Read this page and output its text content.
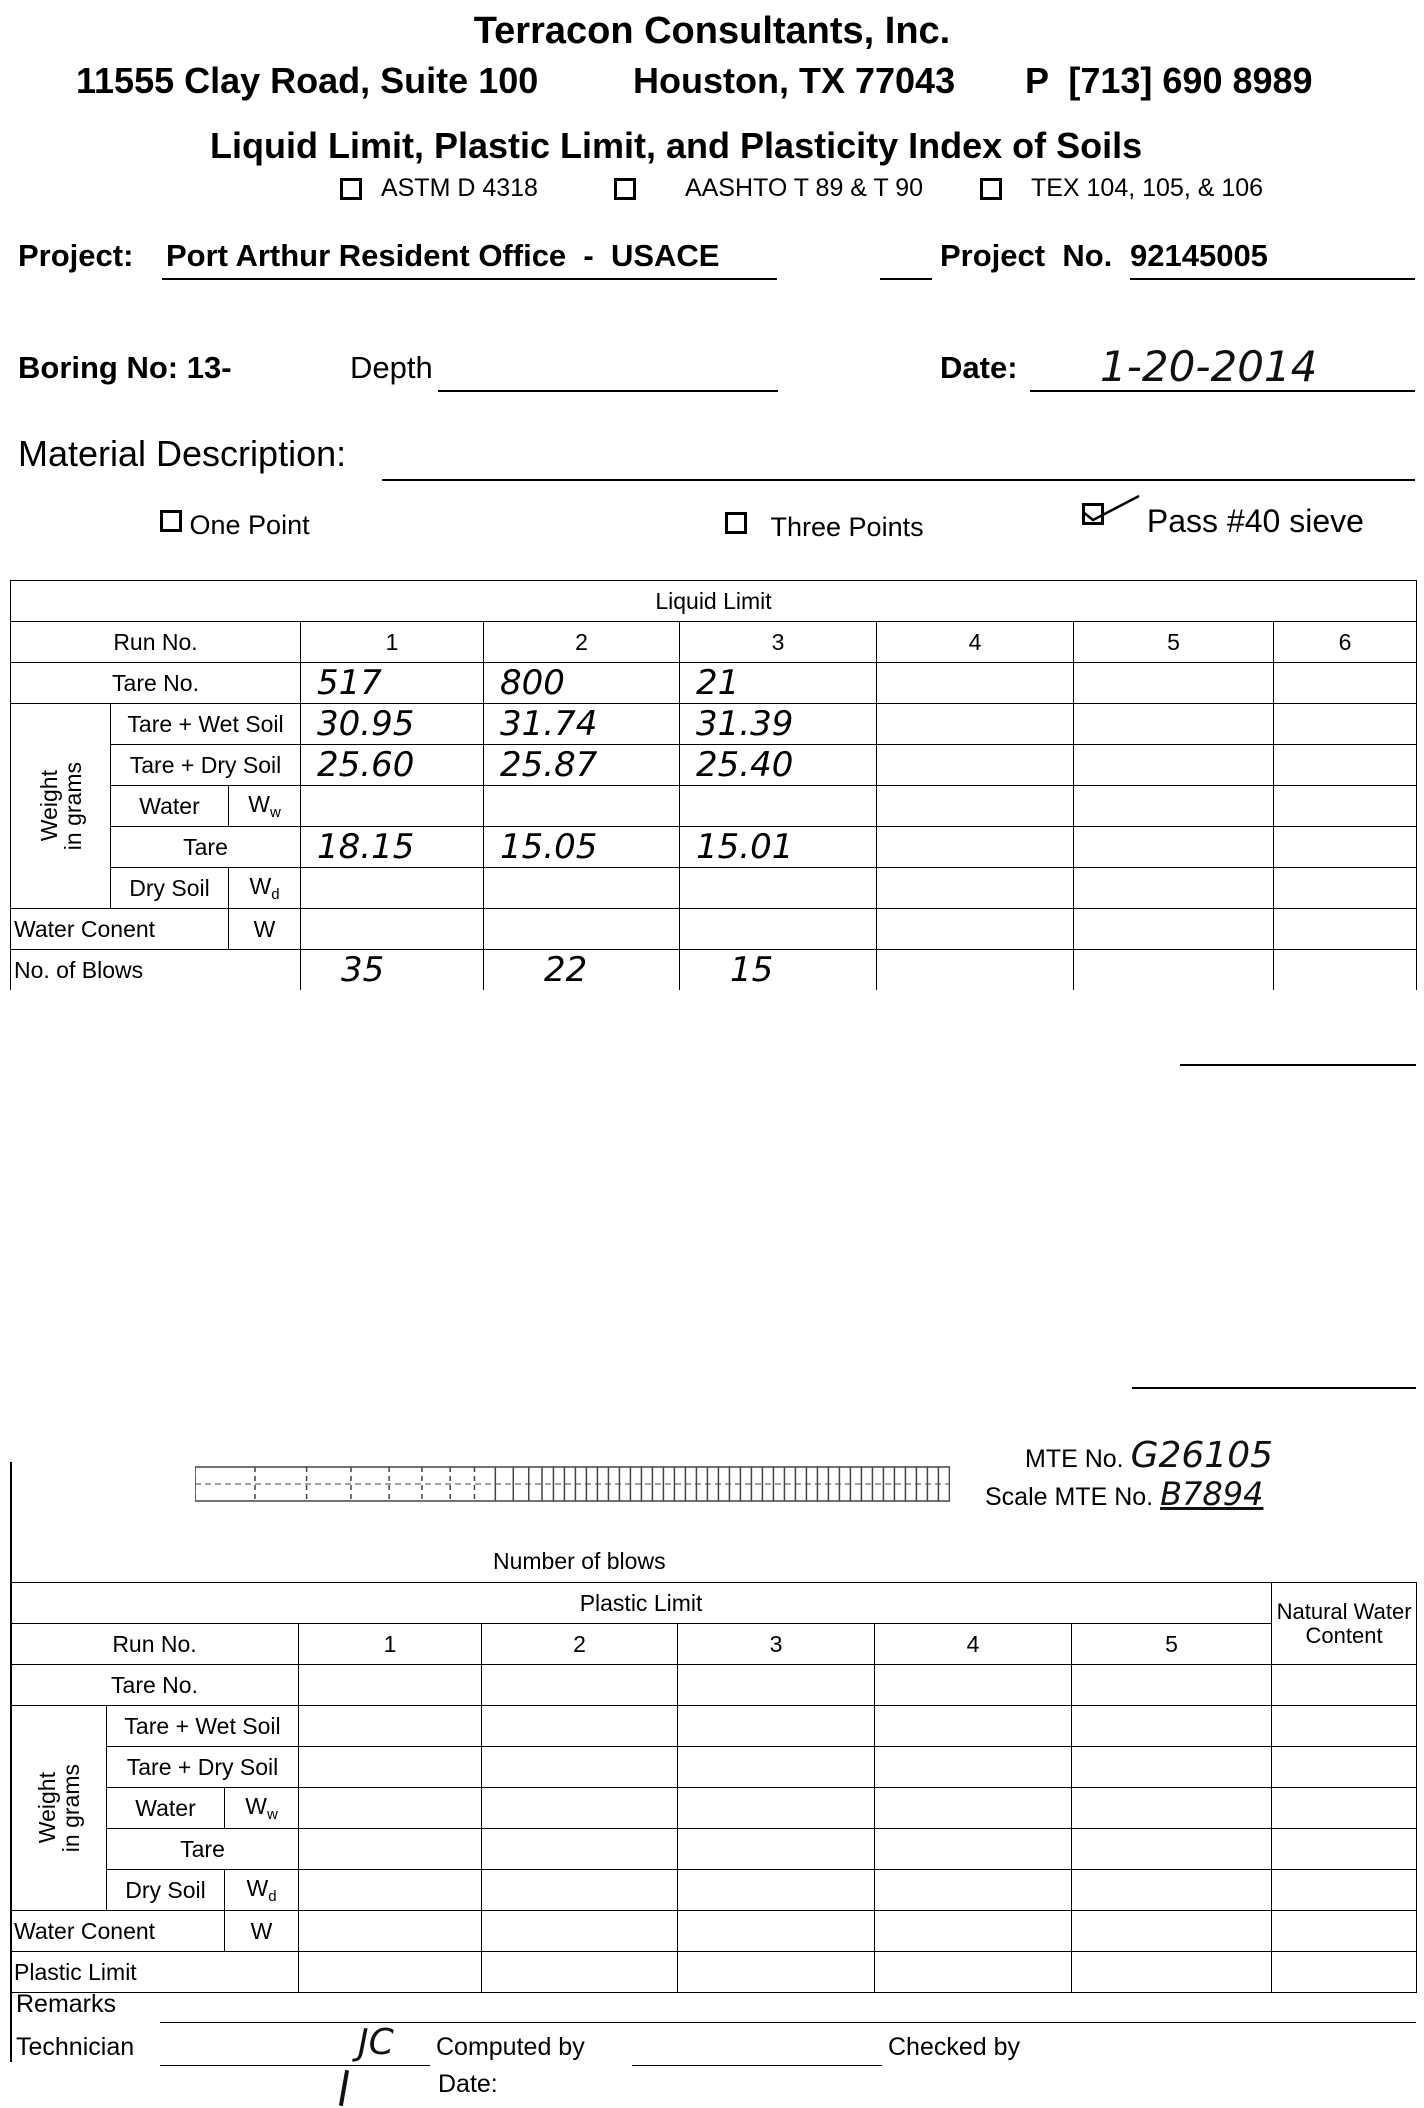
Terracon Consultants, Inc.
11555 Clay Road, Suite 100	Houston, TX 77043 P  [713] 690 8989
Liquid Limit, Plastic Limit, and Plasticity Index of Soils
ASTM D 4318	AASHTO T 89 & T 90	TEX 104, 105, & 106
Project: Port Arthur Resident Office  -  USACE	Project  No. 92145005
Boring No: 13-	Depth	Date:	1-20-2014
Material Description:
One Point	Three Points	Pass #40 sieve
Liquid Limit								
Run No.			1	2	3	4	5	6
Tare No.			517	800	21			

Weight
in grams	Tare + Wet Soil		30.95	31.74	31.39			
	Tare + Dry Soil		25.60	25.87	25.40			
	Water	$W_w$						
	Tare		18.15	15.05	15.01			
	Dry Soil	$W_d$						
Water Conent		W						
No. of Blows			35	22	15			
MTE No. G26105
Scale MTE No. B7894
Number of blows
Plastic Limit								Natural Water Content
Run No.			1	2	3	4	5	
Tare No.								

Weight
in grams	Tare + Wet Soil							
	Tare + Dry Soil							
	Water	$W_w$						
	Tare							
	Dry Soil	$W_d$						
Water Conent		W						
Plastic Limit								
Remarks
Technician	JC Computed by	Checked by
Date:
